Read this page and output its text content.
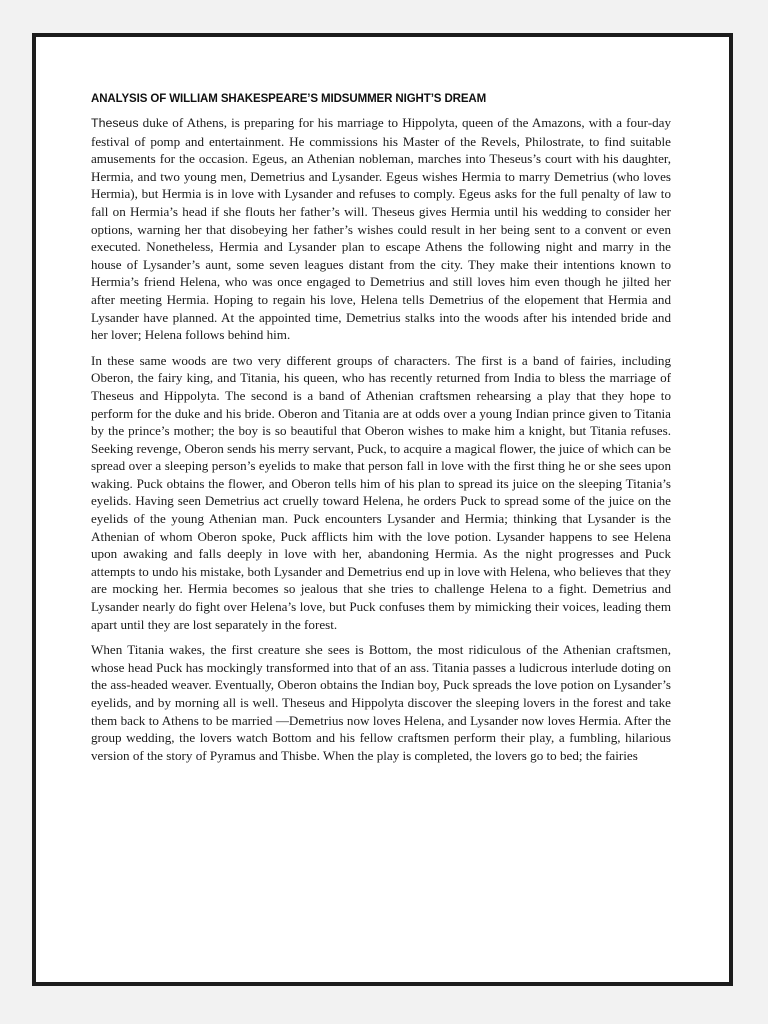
ANALYSIS OF WILLIAM SHAKESPEARE’S MIDSUMMER NIGHT’S DREAM

Theseus duke of Athens, is preparing for his marriage to Hippolyta, queen of the Amazons, with a four-day festival of pomp and entertainment. He commissions his Master of the Revels, Philostrate, to find suitable amusements for the occasion. Egeus, an Athenian nobleman, marches into Theseus’s court with his daughter, Hermia, and two young men, Demetrius and Lysander. Egeus wishes Hermia to marry Demetrius (who loves Hermia), but Hermia is in love with Lysander and refuses to comply. Egeus asks for the full penalty of law to fall on Hermia’s head if she flouts her father’s will. Theseus gives Hermia until his wedding to consider her options, warning her that disobeying her father’s wishes could result in her being sent to a convent or even executed. Nonetheless, Hermia and Lysander plan to escape Athens the following night and marry in the house of Lysander’s aunt, some seven leagues distant from the city. They make their intentions known to Hermia’s friend Helena, who was once engaged to Demetrius and still loves him even though he jilted her after meeting Hermia. Hoping to regain his love, Helena tells Demetrius of the elopement that Hermia and Lysander have planned. At the appointed time, Demetrius stalks into the woods after his intended bride and her lover; Helena follows behind him.

In these same woods are two very different groups of characters. The first is a band of fairies, including Oberon, the fairy king, and Titania, his queen, who has recently returned from India to bless the marriage of Theseus and Hippolyta. The second is a band of Athenian craftsmen rehearsing a play that they hope to perform for the duke and his bride. Oberon and Titania are at odds over a young Indian prince given to Titania by the prince’s mother; the boy is so beautiful that Oberon wishes to make him a knight, but Titania refuses. Seeking revenge, Oberon sends his merry servant, Puck, to acquire a magical flower, the juice of which can be spread over a sleeping person’s eyelids to make that person fall in love with the first thing he or she sees upon waking. Puck obtains the flower, and Oberon tells him of his plan to spread its juice on the sleeping Titania’s eyelids. Having seen Demetrius act cruelly toward Helena, he orders Puck to spread some of the juice on the eyelids of the young Athenian man. Puck encounters Lysander and Hermia; thinking that Lysander is the Athenian of whom Oberon spoke, Puck afflicts him with the love potion. Lysander happens to see Helena upon awaking and falls deeply in love with her, abandoning Hermia. As the night progresses and Puck attempts to undo his mistake, both Lysander and Demetrius end up in love with Helena, who believes that they are mocking her. Hermia becomes so jealous that she tries to challenge Helena to a fight. Demetrius and Lysander nearly do fight over Helena’s love, but Puck confuses them by mimicking their voices, leading them apart until they are lost separately in the forest.

When Titania wakes, the first creature she sees is Bottom, the most ridiculous of the Athenian craftsmen, whose head Puck has mockingly transformed into that of an ass. Titania passes a ludicrous interlude doting on the ass-headed weaver. Eventually, Oberon obtains the Indian boy, Puck spreads the love potion on Lysander’s eyelids, and by morning all is well. Theseus and Hippolyta discover the sleeping lovers in the forest and take them back to Athens to be married —Demetrius now loves Helena, and Lysander now loves Hermia. After the group wedding, the lovers watch Bottom and his fellow craftsmen perform their play, a fumbling, hilarious version of the story of Pyramus and Thisbe. When the play is completed, the lovers go to bed; the fairies
